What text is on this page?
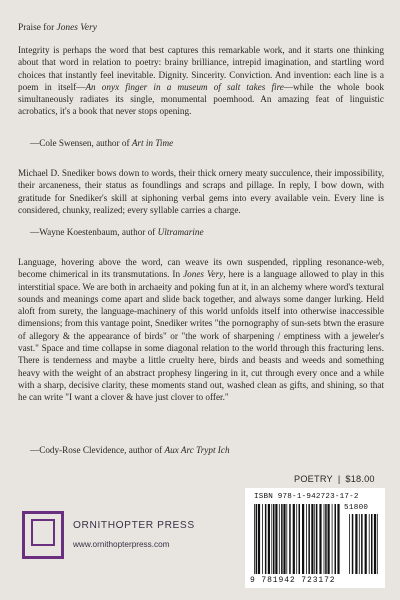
Praise for Jones Very

Integrity is perhaps the word that best captures this remarkable work, and it starts one thinking about that word in relation to poetry: brainy brilliance, intrepid imagination, and startling word choices that instantly feel inevitable. Dignity. Sincerity. Conviction. And invention: each line is a poem in itself—An onyx finger in a museum of salt takes fire—while the whole book simultaneously radiates its single, monumental poemhood. An amazing feat of linguistic acrobatics, it's a book that never stops opening.

—Cole Swensen, author of Art in Time

Michael D. Snediker bows down to words, their thick ornery meaty succulence, their impossibility, their arcaneness, their status as foundlings and scraps and pillage. In reply, I bow down, with gratitude for Snediker's skill at siphoning verbal gems into every available vein. Every line is considered, chunky, realized; every syllable carries a charge.

—Wayne Koestenbaum, author of Ultramarine

Language, hovering above the word, can weave its own suspended, rippling resonance-web, become chimerical in its transmutations. In Jones Very, here is a language allowed to play in this interstitial space. We are both in archaeity and poking fun at it, in an alchemy where word's textural sounds and meanings come apart and slide back together, and always some danger lurking. Held aloft from surety, the language-machinery of this world unfolds itself into otherwise inaccessible dimensions; from this vantage point, Snediker writes "the pornography of sun-sets btwn the erasure of allegory & the appearance of birds" or "the work of sharpening / emptiness with a jeweler's vast." Space and time collapse in some diagonal relation to the world through this fracturing lens. There is tenderness and maybe a little cruelty here, birds and beasts and weeds and something heavy with the weight of an abstract prophesy lingering in it, cut through every once and a while with a sharp, decisive clarity, these moments stand out, washed clean as gifts, and shining, so that he can write "I want a clover & have just clover to offer."

—Cody-Rose Clevidence, author of Aux Arc Trypt Ich
POETRY | $18.00
ORNITHOPTER PRESS
www.ornithopterpress.com
ISBN 978-1-942723-17-2
51800
9 781942 723172
